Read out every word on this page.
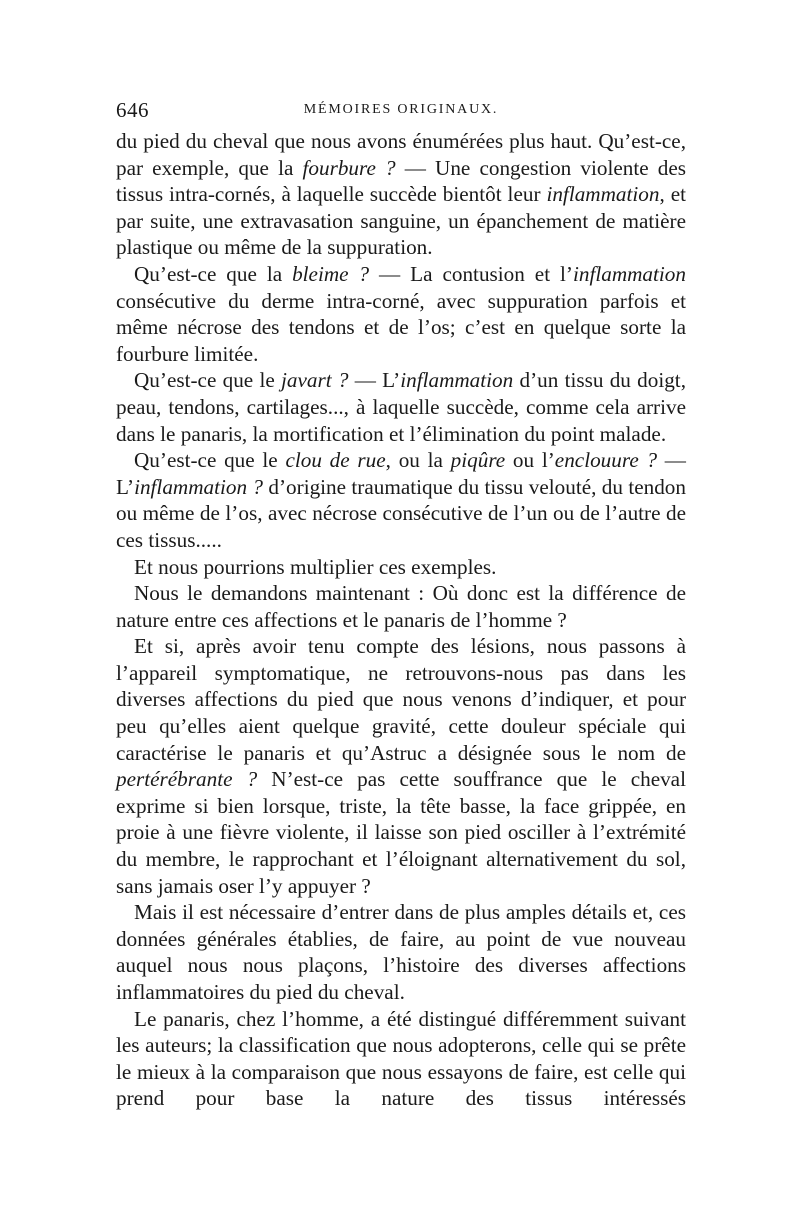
646	MÉMOIRES ORIGINAUX.

du pied du cheval que nous avons énumérées plus haut. Qu’est-ce, par exemple, que la fourbure ? — Une congestion violente des tissus intra-cornés, à laquelle succède bientôt leur inflammation, et par suite, une extravasation sanguine, un épanchement de matière plastique ou même de la suppuration.

Qu’est-ce que la bleime ? — La contusion et l’inflammation consécutive du derme intra-corné, avec suppuration parfois et même nécrose des tendons et de l’os; c’est en quelque sorte la fourbure limitée.

Qu’est-ce que le javart ? — L’inflammation d’un tissu du doigt, peau, tendons, cartilages..., à laquelle succède, comme cela arrive dans le panaris, la mortification et l’élimination du point malade.

Qu’est-ce que le clou de rue, ou la piqûre ou l’enclouure ? — L’inflammation ? d’origine traumatique du tissu velouté, du tendon ou même de l’os, avec nécrose consécutive de l’un ou de l’autre de ces tissus.....

Et nous pourrions multiplier ces exemples.

Nous le demandons maintenant : Où donc est la différence de nature entre ces affections et le panaris de l’homme ?

Et si, après avoir tenu compte des lésions, nous passons à l’appareil symptomatique, ne retrouvons-nous pas dans les diverses affections du pied que nous venons d’indiquer, et pour peu qu’elles aient quelque gravité, cette douleur spéciale qui caractérise le panaris et qu’Astruc a désignée sous le nom de pertérébrante ? N’est-ce pas cette souffrance que le cheval exprime si bien lorsque, triste, la tête basse, la face grippée, en proie à une fièvre violente, il laisse son pied osciller à l’extrémité du membre, le rapprochant et l’éloignant alternativement du sol, sans jamais oser l’y appuyer ?

Mais il est nécessaire d’entrer dans de plus amples détails et, ces données générales établies, de faire, au point de vue nouveau auquel nous nous plaçons, l’histoire des diverses affections inflammatoires du pied du cheval.

Le panaris, chez l’homme, a été distingué différemment suivant les auteurs; la classification que nous adopterons, celle qui se prête le mieux à la comparaison que nous essayons de faire, est celle qui prend pour base la nature des tissus intéressés
